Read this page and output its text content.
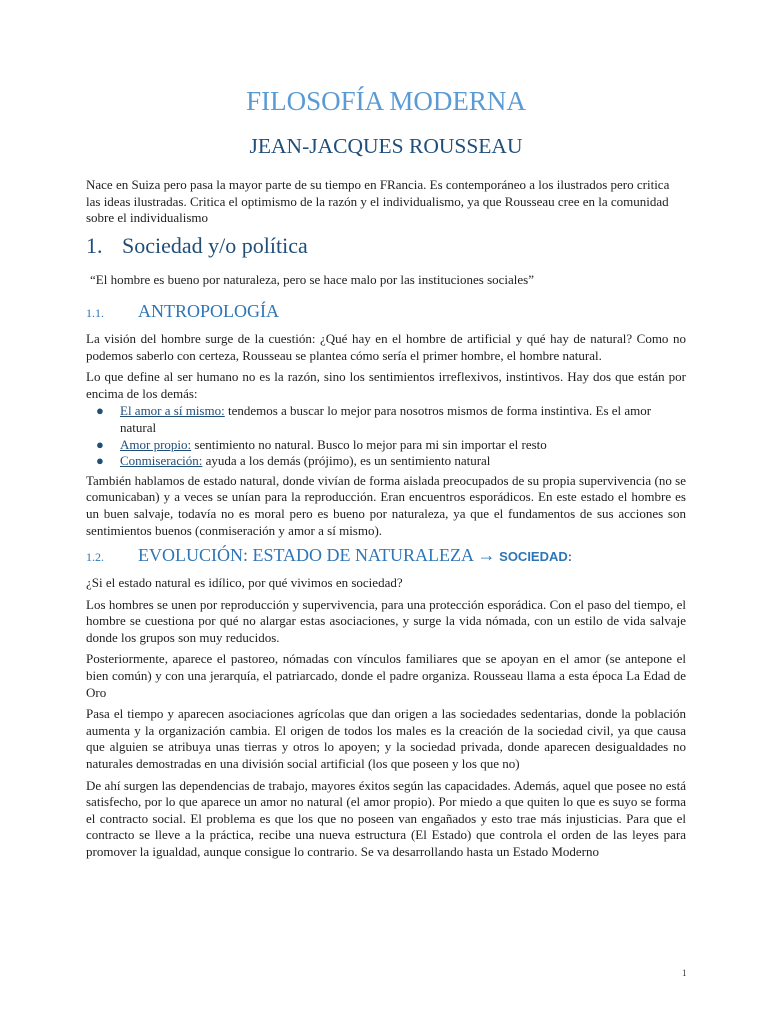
FILOSOFÍA MODERNA
JEAN-JACQUES ROUSSEAU

Nace en Suiza pero pasa la mayor parte de su tiempo en FRancia. Es contemporáneo a los ilustrados pero critica las ideas ilustradas. Critica el optimismo de la razón y el individualismo, ya que Rousseau cree en la comunidad sobre el individualismo

1. Sociedad y/o política

“El hombre es bueno por naturaleza, pero se hace malo por las instituciones sociales”

1.1. ANTROPOLOGÍA

La visión del hombre surge de la cuestión: ¿Qué hay en el hombre de artificial y qué hay de natural? Como no podemos saberlo con certeza, Rousseau se plantea cómo sería el primer hombre, el hombre natural.

Lo que define al ser humano no es la razón, sino los sentimientos irreflexivos, instintivos. Hay dos que están por encima de los demás:

● El amor a sí mismo: tendemos a buscar lo mejor para nosotros mismos de forma instintiva. Es el amor natural
● Amor propio: sentimiento no natural. Busco lo mejor para mi sin importar el resto
● Conmiseración: ayuda a los demás (prójimo), es un sentimiento natural

También hablamos de estado natural, donde vivían de forma aislada preocupados de su propia supervivencia (no se comunicaban) y a veces se unían para la reproducción. Eran encuentros esporádicos. En este estado el hombre es un buen salvaje, todavía no es moral pero es bueno por naturaleza, ya que el fundamentos de sus acciones son sentimientos buenos (conmiseración y amor a sí mismo).

1.2. EVOLUCIÓN: ESTADO DE NATURALEZA → SOCIEDAD:

¿Si el estado natural es idílico, por qué vivimos en sociedad?

Los hombres se unen por reproducción y supervivencia, para una protección esporádica. Con el paso del tiempo, el hombre se cuestiona por qué no alargar estas asociaciones, y surge la vida nómada, con un estilo de vida salvaje donde los grupos son muy reducidos.

Posteriormente, aparece el pastoreo, nómadas con vínculos familiares que se apoyan en el amor (se antepone el bien común) y con una jerarquía, el patriarcado, donde el padre organiza. Rousseau llama a esta época La Edad de Oro

Pasa el tiempo y aparecen asociaciones agrícolas que dan origen a las sociedades sedentarias, donde la población aumenta y la organización cambia. El origen de todos los males es la creación de la sociedad civil, ya que causa que alguien se atribuya unas tierras y otros lo apoyen; y la sociedad privada, donde aparecen desigualdades no naturales demostradas en una división social artificial (los que poseen y los que no)

De ahí surgen las dependencias de trabajo, mayores éxitos según las capacidades. Además, aquel que posee no está satisfecho, por lo que aparece un amor no natural (el amor propio). Por miedo a que quiten lo que es suyo se forma el contracto social. El problema es que los que no poseen van engañados y esto trae más injusticias. Para que el contracto se lleve a la práctica, recibe una nueva estructura (El Estado) que controla el orden de las leyes para promover la igualdad, aunque consigue lo contrario. Se va desarrollando hasta un Estado Moderno

1
